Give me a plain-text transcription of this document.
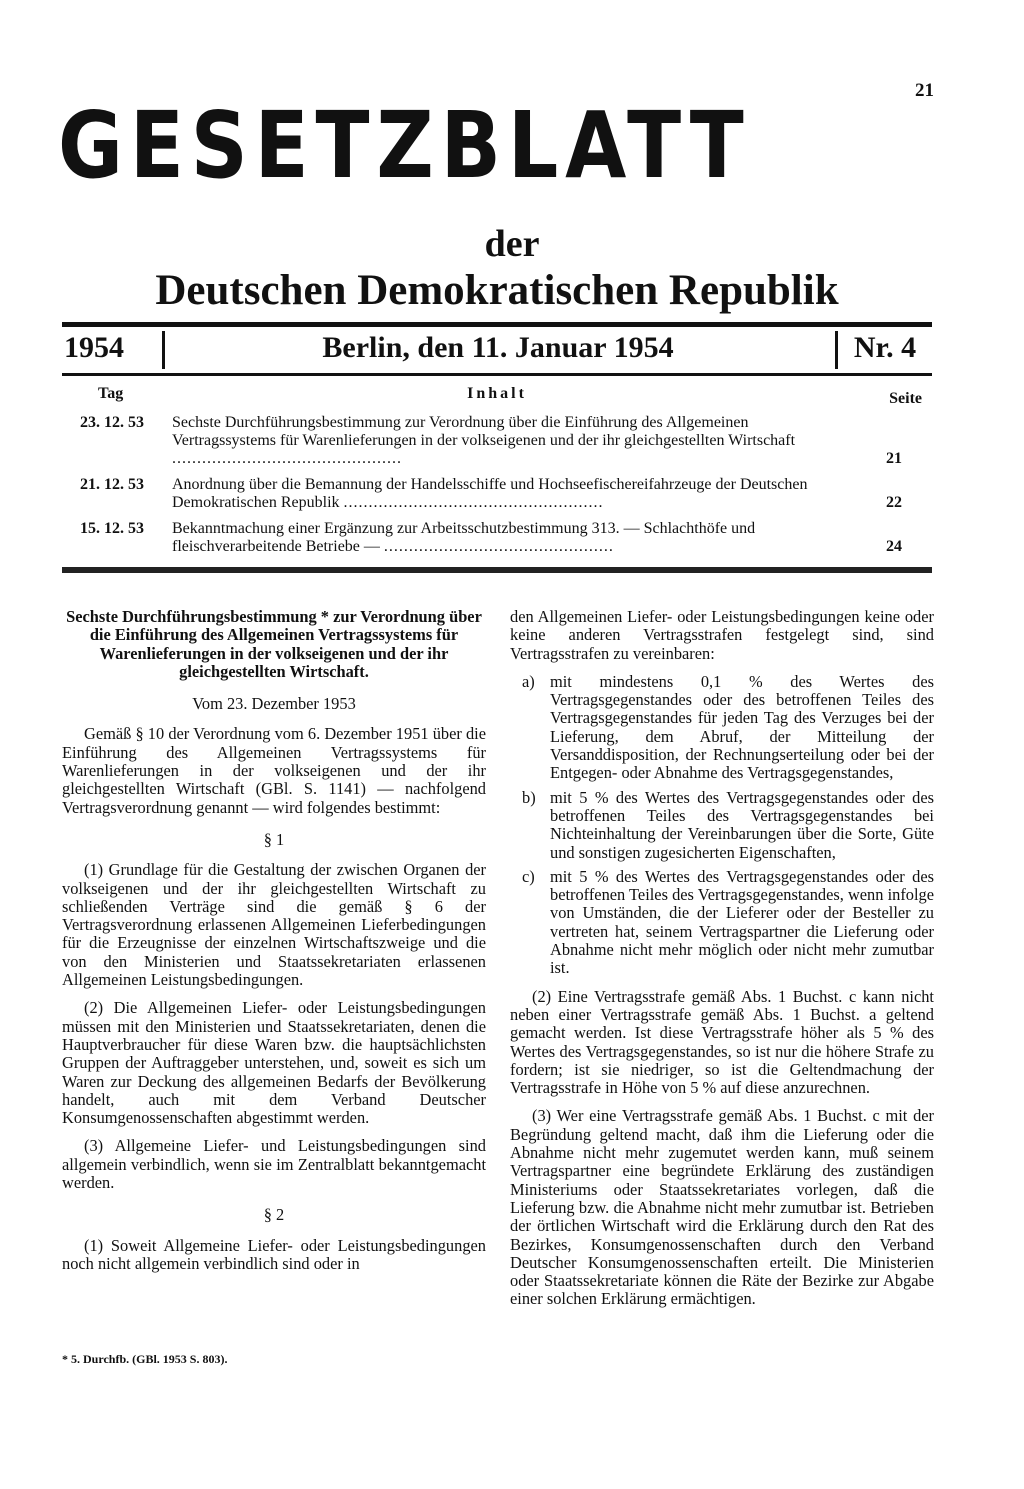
21
GESETZBLATT
der
Deutschen Demokratischen Republik
1954	Berlin, den 11. Januar 1954	Nr. 4
Tag	Inhalt	Seite
23. 12. 53	Sechste Durchführungsbestimmung zur Verordnung über die Einführung des Allgemeinen Vertragssystems für Warenlieferungen in der volkseigenen und der ihr gleichgestellten Wirtschaft ..............................................	21
21. 12. 53	Anordnung über die Bemannung der Handelsschiffe und Hochseefischereifahrzeuge der Deutschen Demokratischen Republik ....................................................	22
15. 12. 53	Bekanntmachung einer Ergänzung zur Arbeitsschutzbestimmung 313. — Schlachthöfe und fleischverarbeitende Betriebe — ..............................................	24

Sechste Durchführungsbestimmung * zur Verordnung über die Einführung des Allgemeinen Vertragssystems für Warenlieferungen in der volkseigenen und der ihr gleichgestellten Wirtschaft.

Vom 23. Dezember 1953

Gemäß § 10 der Verordnung vom 6. Dezember 1951 über die Einführung des Allgemeinen Vertragssystems für Warenlieferungen in der volkseigenen und der ihr gleichgestellten Wirtschaft (GBl. S. 1141) — nachfolgend Vertragsverordnung genannt — wird folgendes bestimmt:

§ 1

(1) Grundlage für die Gestaltung der zwischen Organen der volkseigenen und der ihr gleichgestellten Wirtschaft zu schließenden Verträge sind die gemäß § 6 der Vertragsverordnung erlassenen Allgemeinen Lieferbedingungen für die Erzeugnisse der einzelnen Wirtschaftszweige und die von den Ministerien und Staatssekretariaten erlassenen Allgemeinen Leistungsbedingungen.

(2) Die Allgemeinen Liefer- oder Leistungsbedingungen müssen mit den Ministerien und Staatssekretariaten, denen die Hauptverbraucher für diese Waren bzw. die hauptsächlichsten Gruppen der Auftraggeber unterstehen, und, soweit es sich um Waren zur Deckung des allgemeinen Bedarfs der Bevölkerung handelt, auch mit dem Verband Deutscher Konsumgenossenschaften abgestimmt werden.

(3) Allgemeine Liefer- und Leistungsbedingungen sind allgemein verbindlich, wenn sie im Zentralblatt bekanntgemacht werden.

§ 2

(1) Soweit Allgemeine Liefer- oder Leistungsbedingungen noch nicht allgemein verbindlich sind oder in

den Allgemeinen Liefer- oder Leistungsbedingungen keine oder keine anderen Vertragsstrafen festgelegt sind, sind Vertragsstrafen zu vereinbaren:

a) mit mindestens 0,1 % des Wertes des Vertragsgegenstandes oder des betroffenen Teiles des Vertragsgegenstandes für jeden Tag des Verzuges bei der Lieferung, dem Abruf, der Mitteilung der Versanddisposition, der Rechnungserteilung oder bei der Entgegen- oder Abnahme des Vertragsgegenstandes,
b) mit 5 % des Wertes des Vertragsgegenstandes oder des betroffenen Teiles des Vertragsgegenstandes bei Nichteinhaltung der Vereinbarungen über die Sorte, Güte und sonstigen zugesicherten Eigenschaften,
c) mit 5 % des Wertes des Vertragsgegenstandes oder des betroffenen Teiles des Vertragsgegenstandes, wenn infolge von Umständen, die der Lieferer oder der Besteller zu vertreten hat, seinem Vertragspartner die Lieferung oder Abnahme nicht mehr möglich oder nicht mehr zumutbar ist.

(2) Eine Vertragsstrafe gemäß Abs. 1 Buchst. c kann nicht neben einer Vertragsstrafe gemäß Abs. 1 Buchst. a geltend gemacht werden. Ist diese Vertragsstrafe höher als 5 % des Wertes des Vertragsgegenstandes, so ist nur die höhere Strafe zu fordern; ist sie niedriger, so ist die Geltendmachung der Vertragsstrafe in Höhe von 5 % auf diese anzurechnen.

(3) Wer eine Vertragsstrafe gemäß Abs. 1 Buchst. c mit der Begründung geltend macht, daß ihm die Lieferung oder die Abnahme nicht mehr zugemutet werden kann, muß seinem Vertragspartner eine begründete Erklärung des zuständigen Ministeriums oder Staatssekretariates vorlegen, daß die Lieferung bzw. die Abnahme nicht mehr zumutbar ist. Betrieben der örtlichen Wirtschaft wird die Erklärung durch den Rat des Bezirkes, Konsumgenossenschaften durch den Verband Deutscher Konsumgenossenschaften erteilt. Die Ministerien oder Staatssekretariate können die Räte der Bezirke zur Abgabe einer solchen Erklärung ermächtigen.

* 5. Durchfb. (GBl. 1953 S. 803).
